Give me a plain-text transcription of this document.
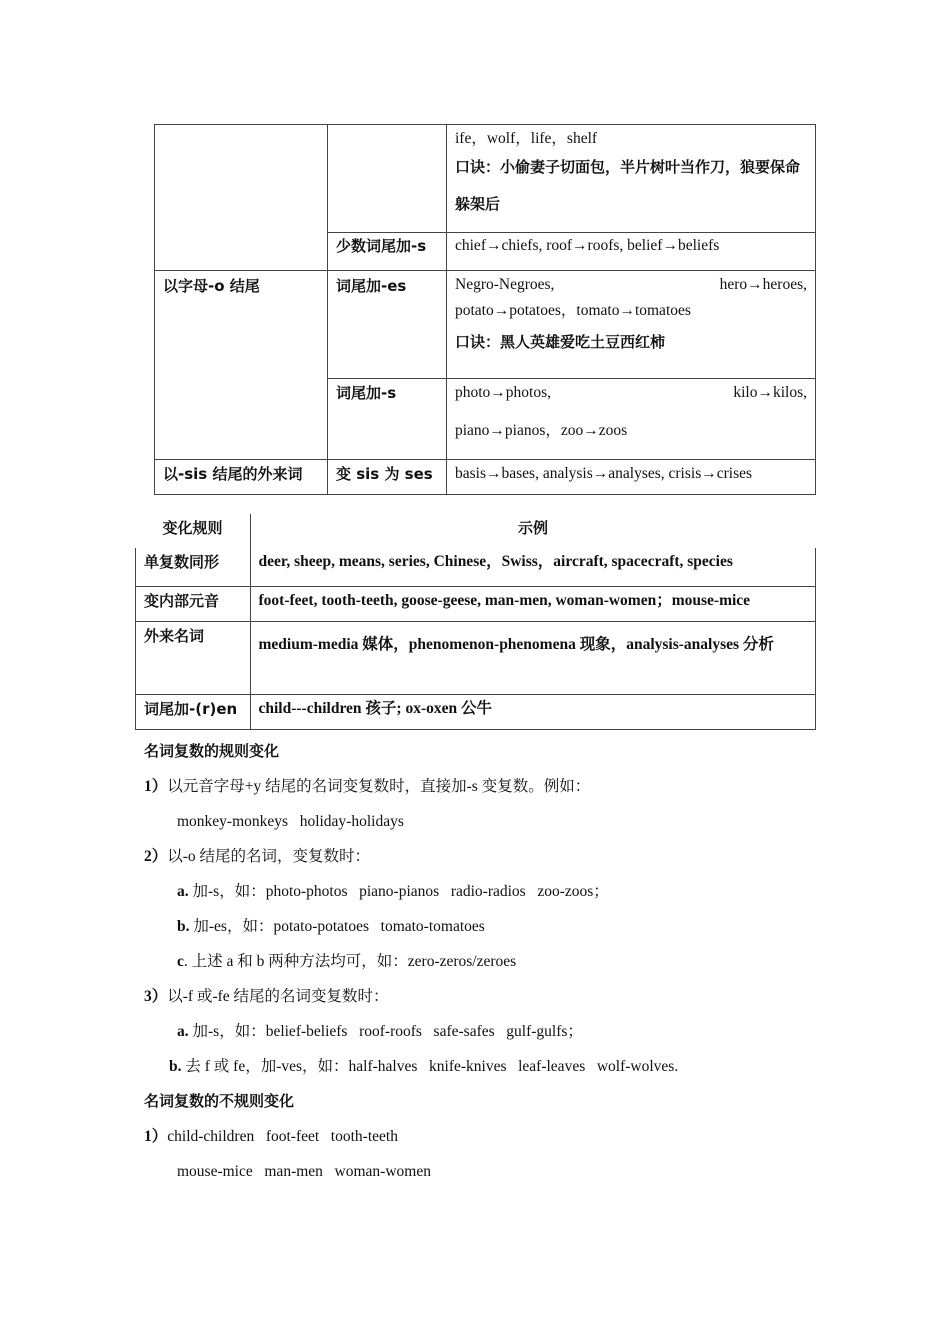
		ife，wolf，life，shelf
口诀：小偷妻子切面包，半片树叶当作刀，狼要保命躲架后

	少数词尾加-s	chief→chiefs, roof→roofs, belief→beliefs
以字母-o 结尾	词尾加-es	Negro-Negroes, hero→heroes,
potato→potatoes，tomato→tomatoes
口诀：黑人英雄爱吃土豆西红柿

	词尾加-s	photo→photos, kilo→kilos,
piano→pianos，zoo→zoos

以-sis 结尾的外来词	变 sis 为 ses	basis→bases, analysis→analyses, crisis→crises
变化规则	示例
单复数同形	deer, sheep, means, series, Chinese，Swiss，aircraft, spacecraft, species
变内部元音	foot-feet, tooth-teeth, goose-geese, man-men, woman-women；mouse-mice
外来名词	medium-media 媒体，phenomenon-phenomena 现象，analysis-analyses 分析
词尾加-(r)en	child---children 孩子; ox-oxen 公牛
名词复数的规则变化
1）以元音字母+y 结尾的名词变复数时，直接加-s 变复数。例如：
monkey-monkeys   holiday-holidays
2）以-o 结尾的名词，变复数时：
a. 加-s，如：photo-photos   piano-pianos   radio-radios   zoo-zoos；
b. 加-es，如：potato-potatoes   tomato-tomatoes
c. 上述 a 和 b 两种方法均可，如：zero-zeros/zeroes
3）以-f 或-fe 结尾的名词变复数时：
a. 加-s，如：belief-beliefs   roof-roofs   safe-safes   gulf-gulfs；
b. 去 f 或 fe，加-ves，如：half-halves   knife-knives   leaf-leaves   wolf-wolves.
名词复数的不规则变化
1）child-children   foot-feet   tooth-teeth
mouse-mice   man-men   woman-women
